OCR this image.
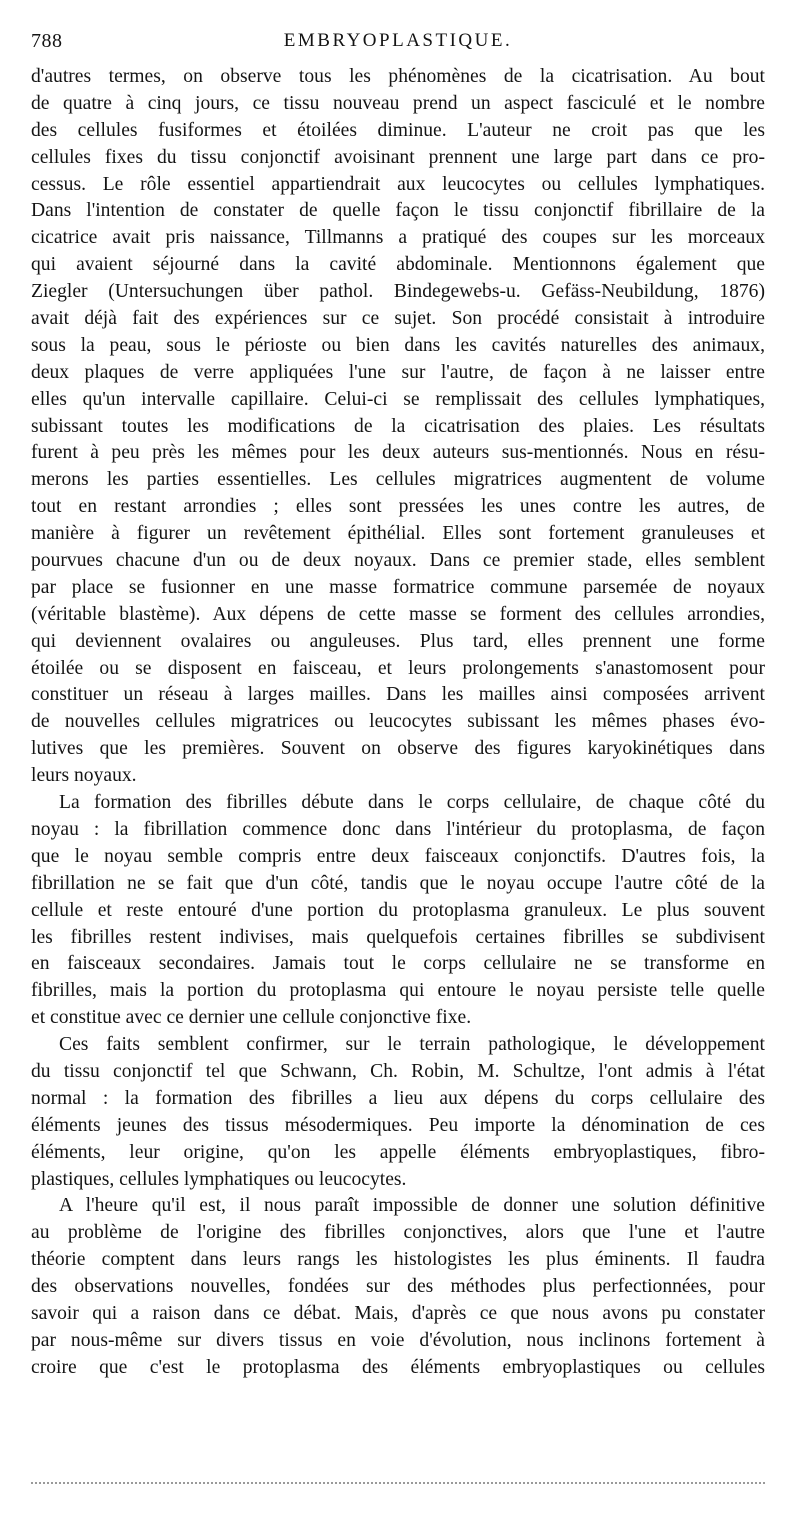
788	EMBRYOPLASTIQUE.
d'autres termes, on observe tous les phénomènes de la cicatrisation. Au bout
de quatre à cinq jours, ce tissu nouveau prend un aspect fasciculé et le nombre
des cellules fusiformes et étoilées diminue. L'auteur ne croit pas que les
cellules fixes du tissu conjonctif avoisinant prennent une large part dans ce pro-
cessus. Le rôle essentiel appartiendrait aux leucocytes ou cellules lymphatiques.
Dans l'intention de constater de quelle façon le tissu conjonctif fibrillaire de la
cicatrice avait pris naissance, Tillmanns a pratiqué des coupes sur les morceaux
qui avaient séjourné dans la cavité abdominale. Mentionnons également que
Ziegler (Untersuchungen über pathol. Bindegewebs-u. Gefäss-Neubildung, 1876)
avait déjà fait des expériences sur ce sujet. Son procédé consistait à introduire
sous la peau, sous le périoste ou bien dans les cavités naturelles des animaux,
deux plaques de verre appliquées l'une sur l'autre, de façon à ne laisser entre
elles qu'un intervalle capillaire. Celui-ci se remplissait des cellules lymphatiques,
subissant toutes les modifications de la cicatrisation des plaies. Les résultats
furent à peu près les mêmes pour les deux auteurs sus-mentionnés. Nous en résu-
merons les parties essentielles. Les cellules migratrices augmentent de volume
tout en restant arrondies ; elles sont pressées les unes contre les autres, de
manière à figurer un revêtement épithélial. Elles sont fortement granuleuses et
pourvues chacune d'un ou de deux noyaux. Dans ce premier stade, elles semblent
par place se fusionner en une masse formatrice commune parsemée de noyaux
(véritable blastème). Aux dépens de cette masse se forment des cellules arrondies,
qui deviennent ovalaires ou anguleuses. Plus tard, elles prennent une forme
étoilée ou se disposent en faisceau, et leurs prolongements s'anastomosent pour
constituer un réseau à larges mailles. Dans les mailles ainsi composées arrivent
de nouvelles cellules migratrices ou leucocytes subissant les mêmes phases évo-
lutives que les premières. Souvent on observe des figures karyokinétiques dans
leurs noyaux.
La formation des fibrilles débute dans le corps cellulaire, de chaque côté du
noyau : la fibrillation commence donc dans l'intérieur du protoplasma, de façon
que le noyau semble compris entre deux faisceaux conjonctifs. D'autres fois, la
fibrillation ne se fait que d'un côté, tandis que le noyau occupe l'autre côté de la
cellule et reste entouré d'une portion du protoplasma granuleux. Le plus souvent
les fibrilles restent indivises, mais quelquefois certaines fibrilles se subdivisent
en faisceaux secondaires. Jamais tout le corps cellulaire ne se transforme en
fibrilles, mais la portion du protoplasma qui entoure le noyau persiste telle quelle
et constitue avec ce dernier une cellule conjonctive fixe.
Ces faits semblent confirmer, sur le terrain pathologique, le développement
du tissu conjonctif tel que Schwann, Ch. Robin, M. Schultze, l'ont admis à l'état
normal : la formation des fibrilles a lieu aux dépens du corps cellulaire des
éléments jeunes des tissus mésodermiques. Peu importe la dénomination de ces
éléments, leur origine, qu'on les appelle éléments embryoplastiques, fibro-
plastiques, cellules lymphatiques ou leucocytes.
A l'heure qu'il est, il nous paraît impossible de donner une solution définitive
au problème de l'origine des fibrilles conjonctives, alors que l'une et l'autre
théorie comptent dans leurs rangs les histologistes les plus éminents. Il faudra
des observations nouvelles, fondées sur des méthodes plus perfectionnées, pour
savoir qui a raison dans ce débat. Mais, d'après ce que nous avons pu constater
par nous-même sur divers tissus en voie d'évolution, nous inclinons fortement à
croire que c'est le protoplasma des éléments embryoplastiques ou cellules
